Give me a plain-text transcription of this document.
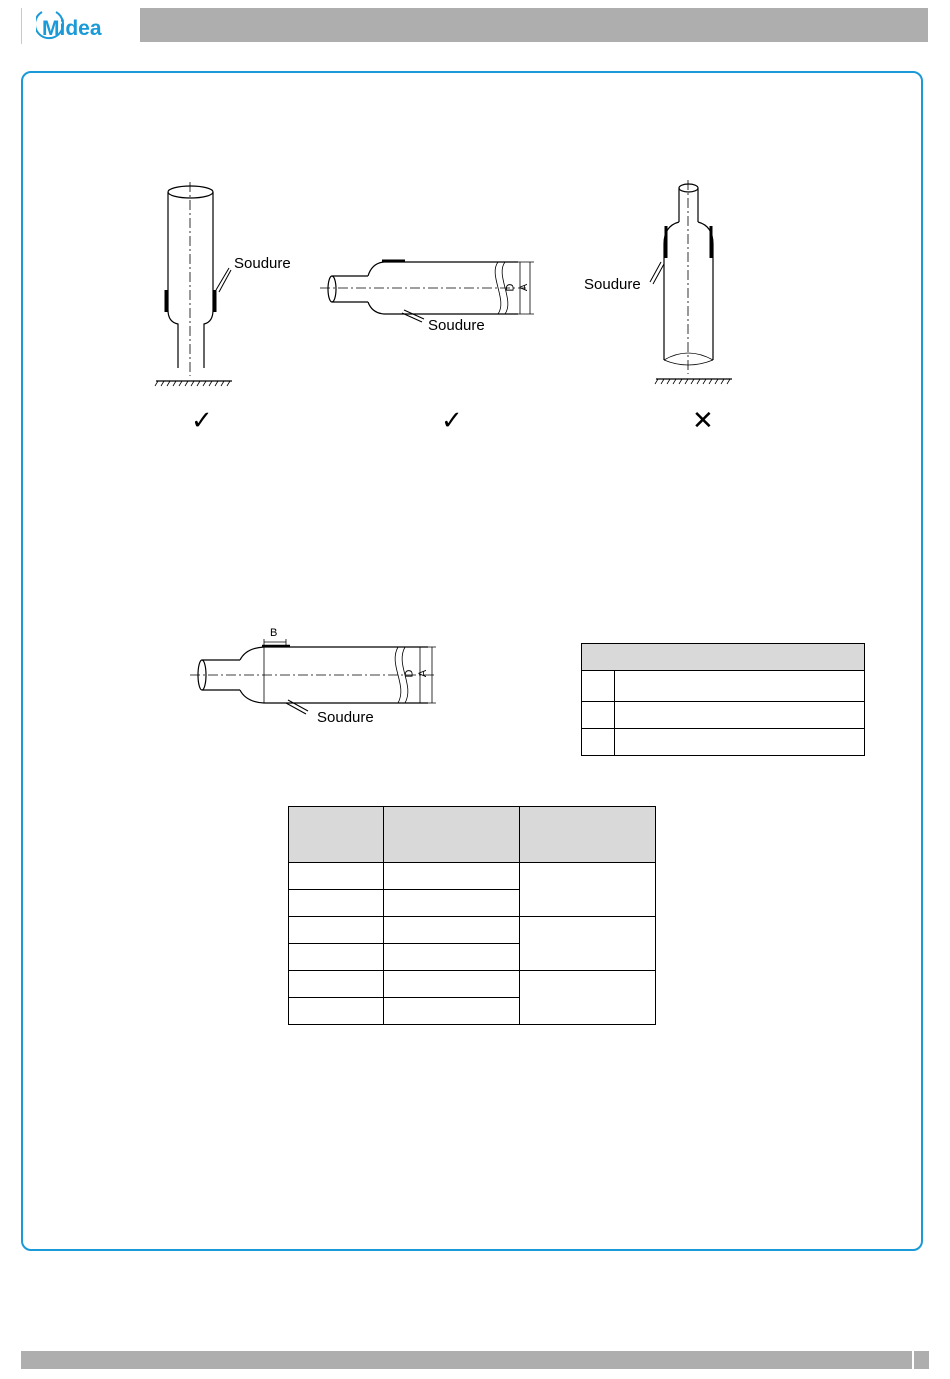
Midea
Soudure
Soudure
Soudure
D A
✓	✓	✕
B
D A
Soudure
